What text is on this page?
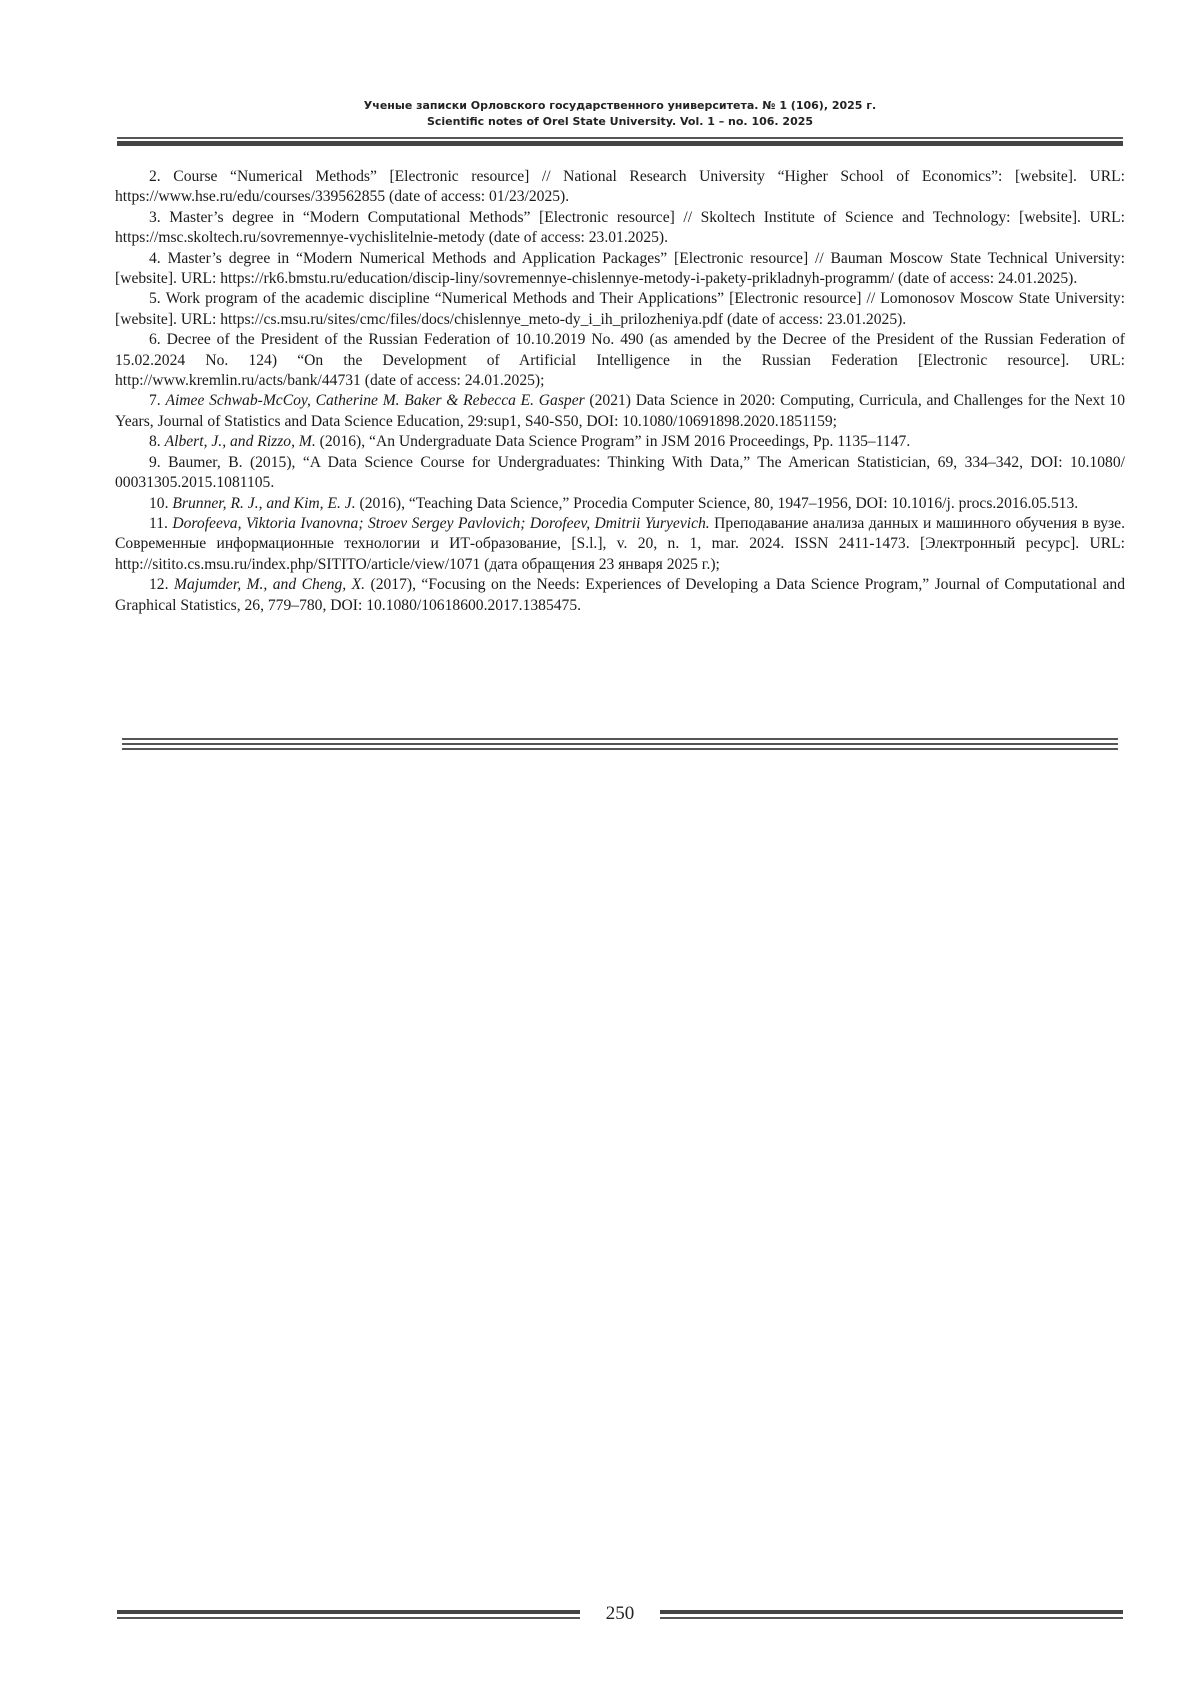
Ученые записки Орловского государственного университета. № 1 (106), 2025 г.
Scientific notes of Orel State University. Vol. 1 – no. 106. 2025

2. Course “Numerical Methods” [Electronic resource] // National Research University “Higher School of Economics”: [website]. URL: https://www.hse.ru/edu/courses/339562855 (date of access: 01/23/2025).

3. Master’s degree in “Modern Computational Methods” [Electronic resource] // Skoltech Institute of Science and Technology: [website]. URL: https://msc.skoltech.ru/sovremennye-vychislitelnie-metody (date of access: 23.01.2025).

4. Master’s degree in “Modern Numerical Methods and Application Packages” [Electronic resource] // Bauman Moscow State Technical University: [website]. URL: https://rk6.bmstu.ru/education/discip-liny/sovremennye-chislennye-metody-i-pakety-prikladnyh-programm/ (date of access: 24.01.2025).

5. Work program of the academic discipline “Numerical Methods and Their Applications” [Electronic resource] // Lomonosov Moscow State University: [website]. URL: https://cs.msu.ru/sites/cmc/files/docs/chislennye_meto-dy_i_ih_prilozheniya.pdf (date of access: 23.01.2025).

6. Decree of the President of the Russian Federation of 10.10.2019 No. 490 (as amended by the Decree of the President of the Russian Federation of 15.02.2024 No. 124) “On the Development of Artificial Intelligence in the Russian Federation [Electronic resource]. URL: http://www.kremlin.ru/acts/bank/44731 (date of access: 24.01.2025);

7. Aimee Schwab-McCoy, Catherine M. Baker & Rebecca E. Gasper (2021) Data Science in 2020: Computing, Curricula, and Challenges for the Next 10 Years, Journal of Statistics and Data Science Education, 29:sup1, S40-S50, DOI: 10.1080/10691898.2020.1851159;

8. Albert, J., and Rizzo, M. (2016), “An Undergraduate Data Science Program” in JSM 2016 Proceedings, Pp. 1135–1147.

9. Baumer, B. (2015), “A Data Science Course for Undergraduates: Thinking With Data,” The American Statistician, 69, 334–342, DOI: 10.1080/ 00031305.2015.1081105.

10. Brunner, R. J., and Kim, E. J. (2016), “Teaching Data Science,” Procedia Computer Science, 80, 1947–1956, DOI: 10.1016/j. procs.2016.05.513.

11. Dorofeeva, Viktoria Ivanovna; Stroev Sergey Pavlovich; Dorofeev, Dmitrii Yuryevich. Преподавание анализа данных и машинного обучения в вузе. Современные информационные технологии и ИТ-образование, [S.l.], v. 20, n. 1, mar. 2024. ISSN 2411-1473. [Электронный ресурс]. URL: http://sitito.cs.msu.ru/index.php/SITITO/article/view/1071 (дата обращения 23 января 2025 г.);

12. Majumder, M., and Cheng, X. (2017), “Focusing on the Needs: Experiences of Developing a Data Science Program,” Journal of Computational and Graphical Statistics, 26, 779–780, DOI: 10.1080/10618600.2017.1385475.

250
